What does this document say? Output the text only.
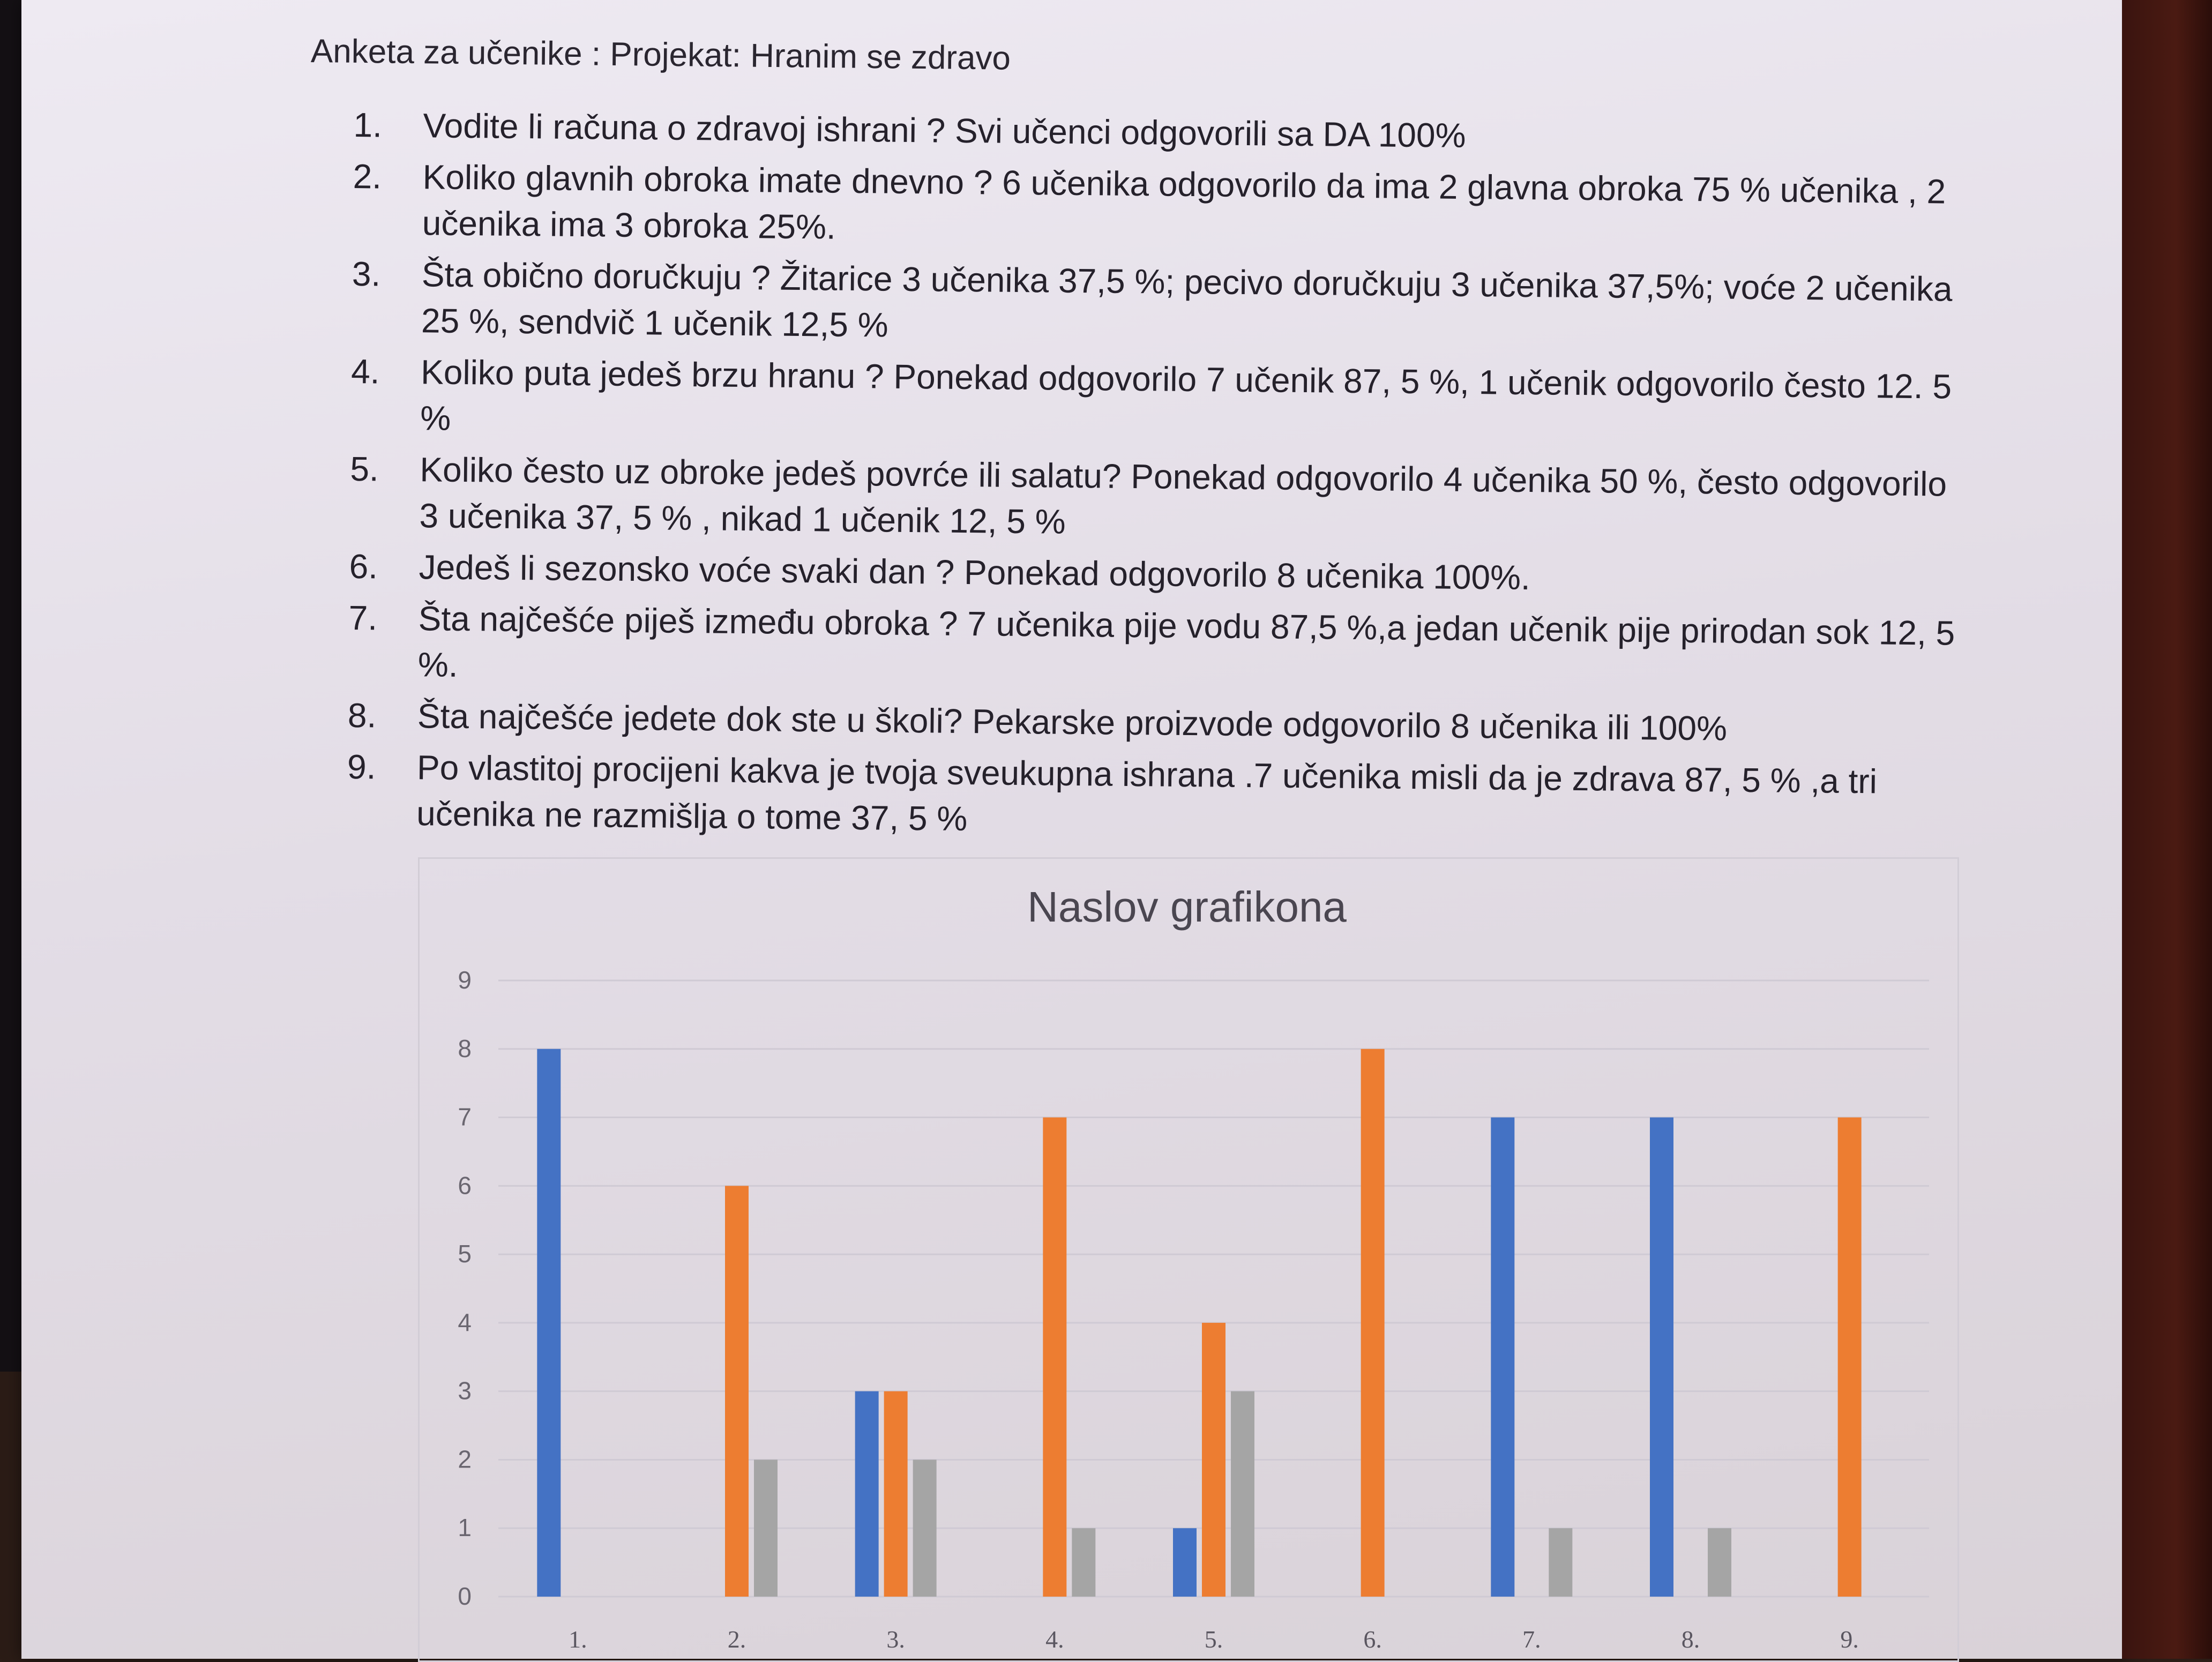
Anketa za učenike : Projekat: Hranim se zdravo
1.	Vodite li računa o zdravoj ishrani ? Svi učenci odgovorili sa DA 100%
2.	Koliko glavnih obroka imate dnevno ? 6 učenika odgovorilo da ima 2 glavna obroka 75 % učenika , 2 učenika ima 3 obroka 25%.
3.	Šta obično doručkuju ? Žitarice 3 učenika 37,5 %; pecivo doručkuju 3 učenika 37,5%; voće 2 učenika 25 %, sendvič 1 učenik 12,5 %
4.	Koliko puta jedeš brzu hranu ? Ponekad odgovorilo 7 učenik 87, 5 %, 1 učenik odgovorilo često 12. 5 %
5.	Koliko često uz obroke jedeš povrće ili salatu? Ponekad odgovorilo 4 učenika 50 %, često odgovorilo 3 učenika 37, 5 % , nikad 1 učenik 12, 5 %
6.	Jedeš li sezonsko voće svaki dan ? Ponekad odgovorilo 8 učenika 100%.
7.	Šta najčešće piješ između obroka ? 7 učenika pije vodu 87,5 %,a jedan učenik pije prirodan sok 12, 5 %.
8.	Šta najčešće jedete dok ste u školi? Pekarske proizvode odgovorilo 8 učenika ili 100%
9.	Po vlastitoj procijeni kakva je tvoja sveukupna ishrana .7 učenika misli da je zdrava 87, 5 % ,a tri učenika ne razmišlja o tome 37, 5 %
Naslov grafikona
0
1
2
3
4
5
6
7
8
9
1.	2.	3.	4.	5.	6.	7.	8.	9.
